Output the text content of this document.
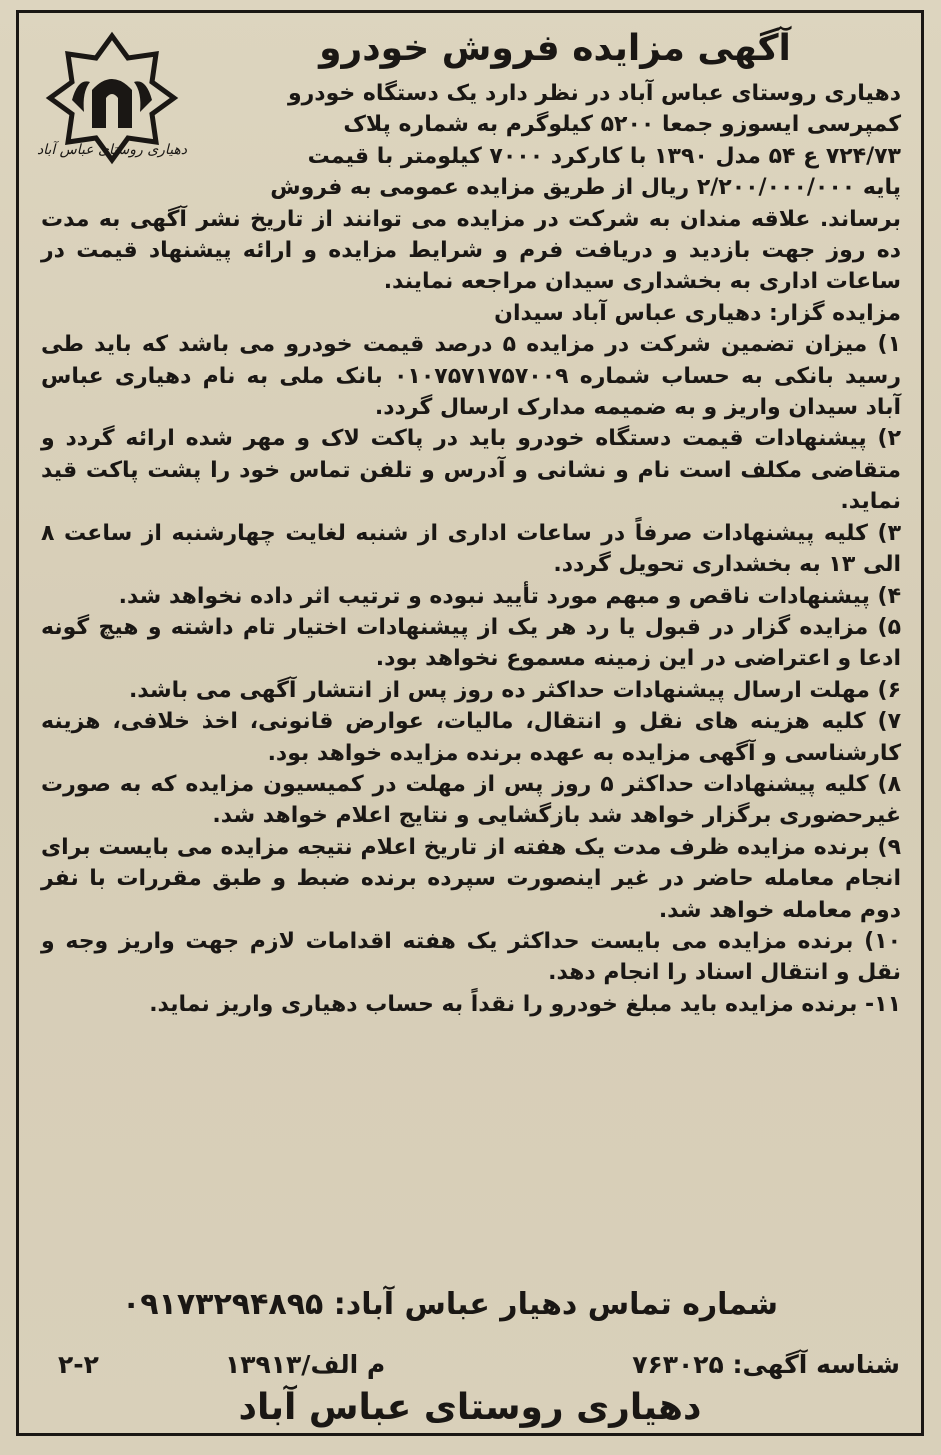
دهیاری روستای عباس آباد
آگهی مزایده فروش خودرو

دهیاری روستای عباس آباد در نظر دارد یک دستگاه خودرو

کمپرسی ایسوزو جمعا ۵۲۰۰ کیلوگرم به شماره پلاک

۷۲۴/۷۳ ع ۵۴ مدل ۱۳۹۰ با کارکرد ۷۰۰۰ کیلومتر با قیمت

پایه ۲/۲۰۰/۰۰۰/۰۰۰ ریال از طریق مزایده عمومی به فروش

برساند. علاقه مندان به شرکت در مزایده می توانند از تاریخ نشر آگهی به مدت ده روز جهت بازدید و دریافت فرم و شرایط مزایده و ارائه پیشنهاد قیمت در ساعات اداری به بخشداری سیدان مراجعه نمایند.

مزایده گزار: دهیاری عباس آباد سیدان

۱) میزان تضمین شرکت در مزایده ۵ درصد قیمت خودرو می باشد که باید طی رسید بانکی به حساب شماره ۰۱۰۷۵۷۱۷۵۷۰۰۹ بانک ملی به نام دهیاری عباس آباد سیدان واریز و به ضمیمه مدارک ارسال گردد.

۲) پیشنهادات قیمت دستگاه خودرو باید در پاکت لاک و مهر شده ارائه گردد و متقاضی مکلف است نام و نشانی و آدرس و تلفن تماس خود را پشت پاکت قید نماید.

۳) کلیه پیشنهادات صرفاً در ساعات اداری از شنبه لغایت چهارشنبه از ساعت ۸ الی ۱۳ به بخشداری تحویل گردد.

۴) پیشنهادات ناقص و مبهم مورد تأیید نبوده و ترتیب اثر داده نخواهد شد.

۵) مزایده گزار در قبول یا رد هر یک از پیشنهادات اختیار تام داشته و هیچ گونه ادعا و اعتراضی در این زمینه مسموع نخواهد بود.

۶) مهلت ارسال پیشنهادات حداکثر ده روز پس از انتشار آگهی می باشد.

۷) کلیه هزینه های نقل و انتقال، مالیات، عوارض قانونی، اخذ خلافی، هزینه کارشناسی و آگهی مزایده به عهده برنده مزایده خواهد بود.

۸) کلیه پیشنهادات حداکثر ۵ روز پس از مهلت در کمیسیون مزایده که به صورت غیرحضوری برگزار خواهد شد بازگشایی و نتایج اعلام خواهد شد.

۹) برنده مزایده ظرف مدت یک هفته از تاریخ اعلام نتیجه مزایده می بایست برای انجام معامله حاضر در غیر اینصورت سپرده برنده ضبط و طبق مقررات با نفر دوم معامله خواهد شد.

۱۰) برنده مزایده می بایست حداکثر یک هفته اقدامات لازم جهت واریز وجه و نقل و انتقال اسناد را انجام دهد.

۱۱- برنده مزایده باید مبلغ خودرو را نقداً به حساب دهیاری واریز نماید.

شماره تماس دهیار عباس آباد: ۰۹۱۷۳۲۹۴۸۹۵
شناسه آگهی: ۷۶۳۰۲۵
۱۳۹۱۳/م الف
۲-۲
دهیاری روستای عباس آباد
